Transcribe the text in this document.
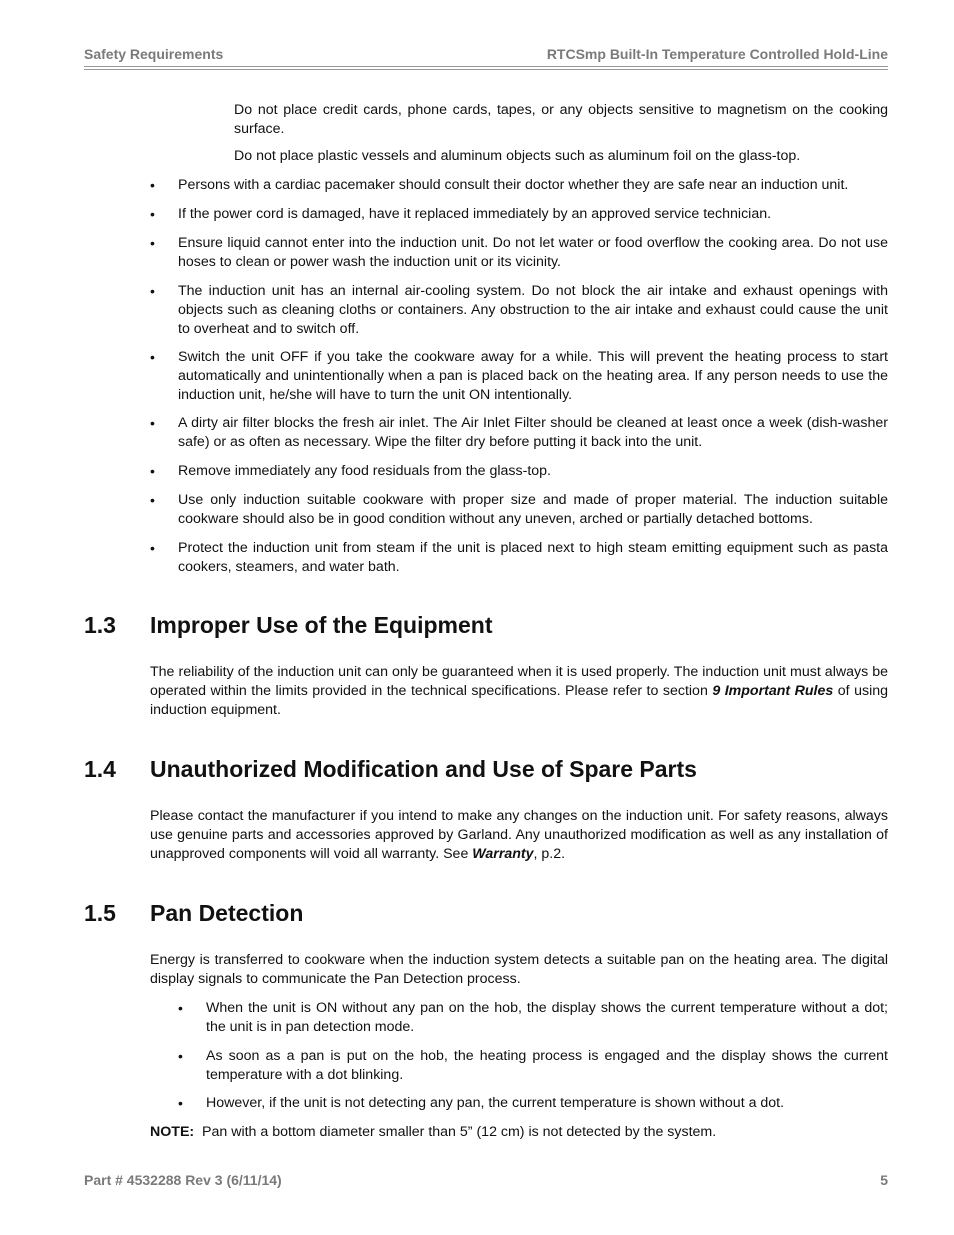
Safety Requirements	RTCSmp Built-In Temperature Controlled Hold-Line

Do not place credit cards, phone cards, tapes, or any objects sensitive to magnetism on the cooking surface.

Do not place plastic vessels and aluminum objects such as aluminum foil on the glass-top.

• Persons with a cardiac pacemaker should consult their doctor whether they are safe near an induction unit.

• If the power cord is damaged, have it replaced immediately by an approved service technician.

• Ensure liquid cannot enter into the induction unit. Do not let water or food overflow the cooking area. Do not use hoses to clean or power wash the induction unit or its vicinity.

• The induction unit has an internal air-cooling system. Do not block the air intake and exhaust openings with objects such as cleaning cloths or containers. Any obstruction to the air intake and exhaust could cause the unit to overheat and to switch off.

• Switch the unit OFF if you take the cookware away for a while. This will prevent the heating process to start automatically and unintentionally when a pan is placed back on the heating area. If any person needs to use the induction unit, he/she will have to turn the unit ON intentionally.

• A dirty air filter blocks the fresh air inlet. The Air Inlet Filter should be cleaned at least once a week (dish-washer safe) or as often as necessary. Wipe the filter dry before putting it back into the unit.

• Remove immediately any food residuals from the glass-top.

• Use only induction suitable cookware with proper size and made of proper material. The induction suitable cookware should also be in good condition without any uneven, arched or partially detached bottoms.

• Protect the induction unit from steam if the unit is placed next to high steam emitting equipment such as pasta cookers, steamers, and water bath.

1.3 Improper Use of the Equipment

The reliability of the induction unit can only be guaranteed when it is used properly. The induction unit must always be operated within the limits provided in the technical specifications. Please refer to section 9 Important Rules of using induction equipment.

1.4 Unauthorized Modification and Use of Spare Parts

Please contact the manufacturer if you intend to make any changes on the induction unit. For safety reasons, always use genuine parts and accessories approved by Garland. Any unauthorized modification as well as any installation of unapproved components will void all warranty. See Warranty, p.2.

1.5 Pan Detection

Energy is transferred to cookware when the induction system detects a suitable pan on the heating area. The digital display signals to communicate the Pan Detection process.

• When the unit is ON without any pan on the hob, the display shows the current temperature without a dot; the unit is in pan detection mode.

• As soon as a pan is put on the hob, the heating process is engaged and the display shows the current temperature with a dot blinking.

• However, if the unit is not detecting any pan, the current temperature is shown without a dot.

NOTE: Pan with a bottom diameter smaller than 5” (12 cm) is not detected by the system.

Part # 4532288 Rev 3 (6/11/14)	5
